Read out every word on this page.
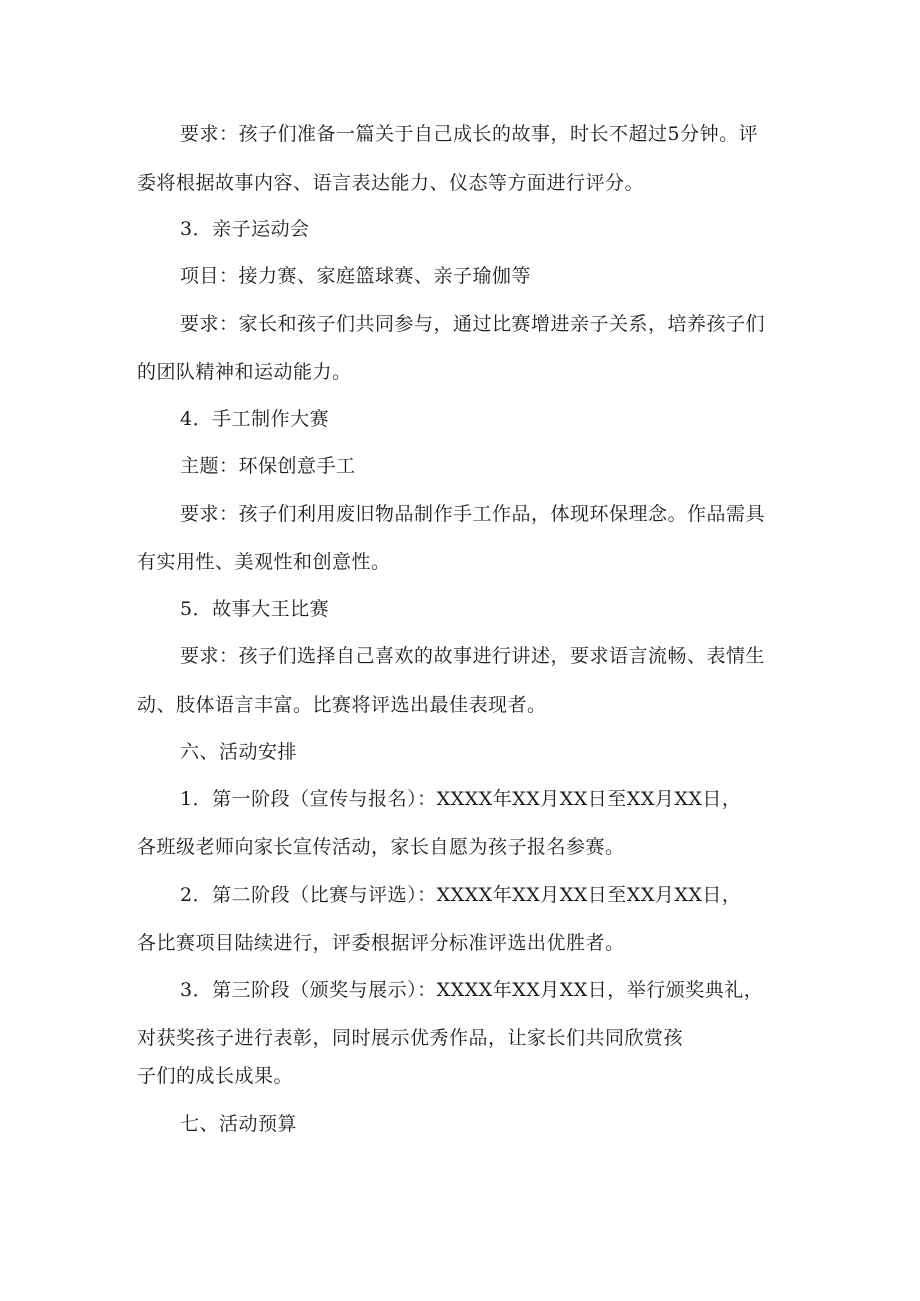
要求：孩子们准备一篇关于自己成长的故事，时长不超过5分钟。评
委将根据故事内容、语言表达能力、仪态等方面进行评分。
3．亲子运动会
项目：接力赛、家庭篮球赛、亲子瑜伽等
要求：家长和孩子们共同参与，通过比赛增进亲子关系，培养孩子们
的团队精神和运动能力。
4．手工制作大赛
主题：环保创意手工
要求：孩子们利用废旧物品制作手工作品，体现环保理念。作品需具
有实用性、美观性和创意性。
5．故事大王比赛
要求：孩子们选择自己喜欢的故事进行讲述，要求语言流畅、表情生
动、肢体语言丰富。比赛将评选出最佳表现者。
六、活动安排
1．第一阶段（宣传与报名）：XXXX年XX月XX日至XX月XX日，
各班级老师向家长宣传活动，家长自愿为孩子报名参赛。
2．第二阶段（比赛与评选）：XXXX年XX月XX日至XX月XX日，
各比赛项目陆续进行，评委根据评分标准评选出优胜者。
3．第三阶段（颁奖与展示）：XXXX年XX月XX日，举行颁奖典礼，
对获奖孩子进行表彰，同时展示优秀作品，让家长们共同欣赏孩
子们的成长成果。
七、活动预算
